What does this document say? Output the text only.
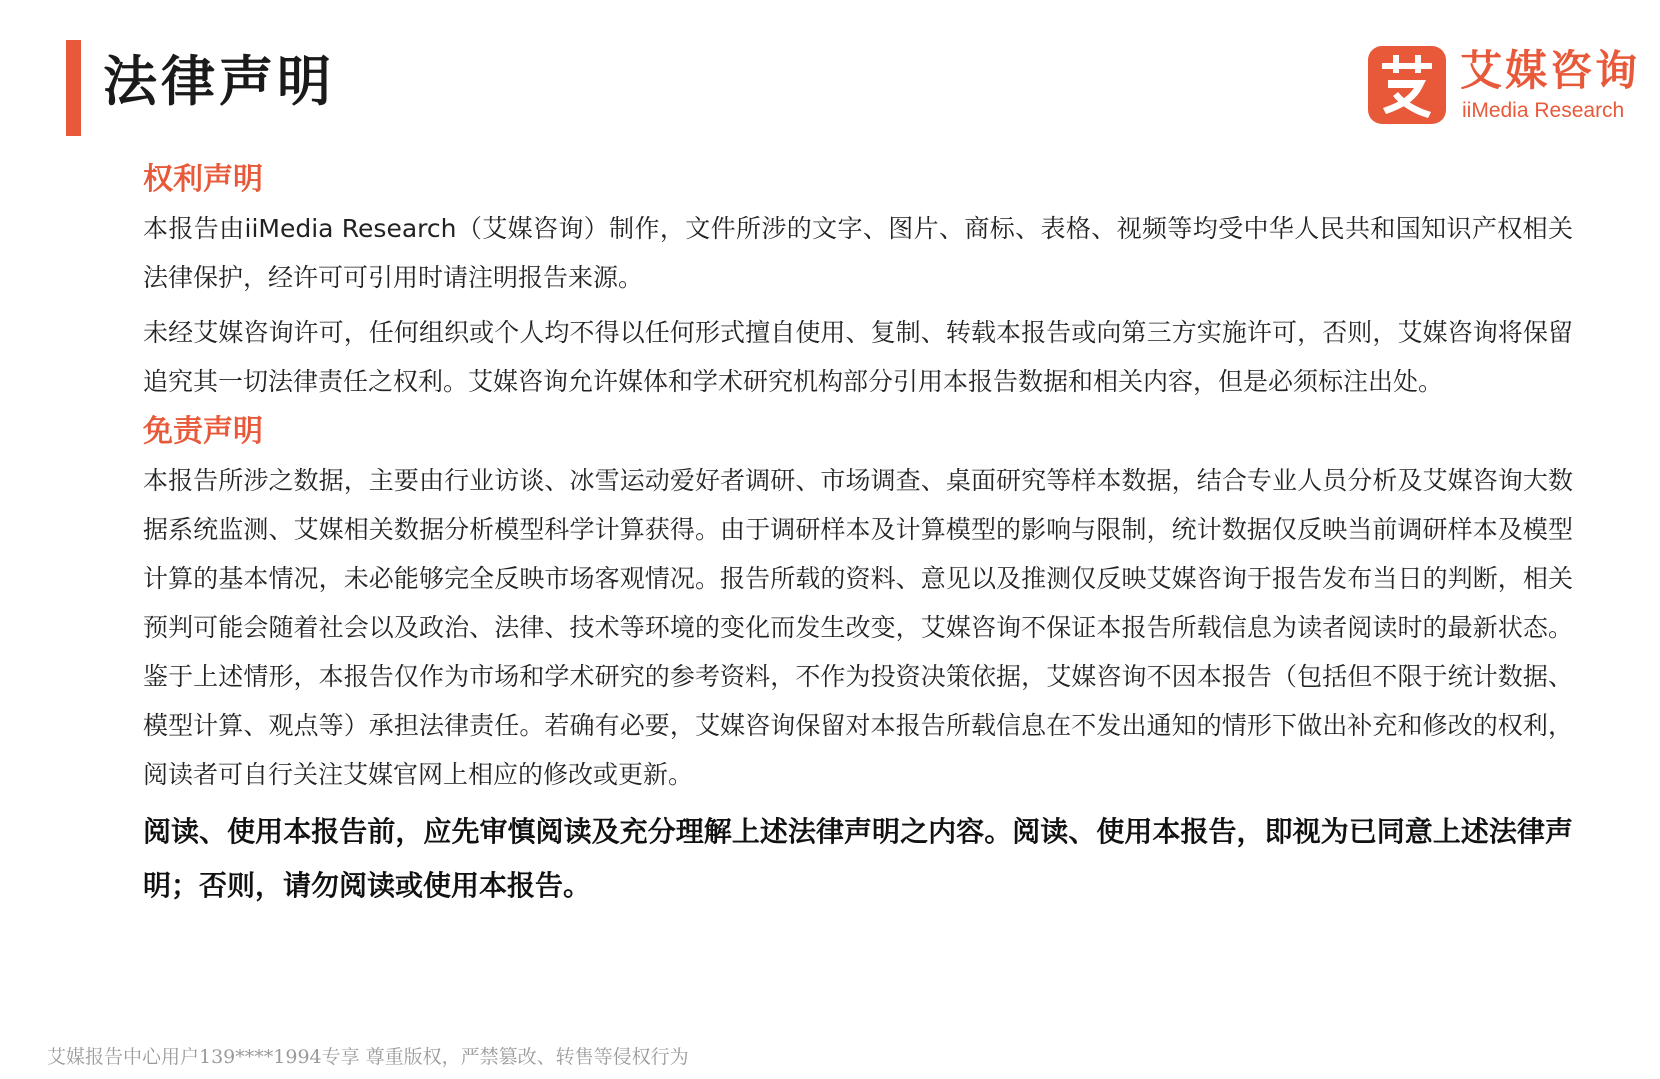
法律声明	艾媒咨询
iiMedia Research
权利声明

本报告由iiMedia Research（艾媒咨询）制作，文件所涉的文字、图片、商标、表格、视频等均受中华人民共和国知识产权相关法律保护，经许可可引用时请注明报告来源。

未经艾媒咨询许可，任何组织或个人均不得以任何形式擅自使用、复制、转载本报告或向第三方实施许可，否则，艾媒咨询将保留追究其一切法律责任之权利。艾媒咨询允许媒体和学术研究机构部分引用本报告数据和相关内容，但是必须标注出处。

免责声明

本报告所涉之数据，主要由行业访谈、冰雪运动爱好者调研、市场调查、桌面研究等样本数据，结合专业人员分析及艾媒咨询大数据系统监测、艾媒相关数据分析模型科学计算获得。由于调研样本及计算模型的影响与限制，统计数据仅反映当前调研样本及模型计算的基本情况，未必能够完全反映市场客观情况。报告所载的资料、意见以及推测仅反映艾媒咨询于报告发布当日的判断，相关预判可能会随着社会以及政治、法律、技术等环境的变化而发生改变，艾媒咨询不保证本报告所载信息为读者阅读时的最新状态。鉴于上述情形，本报告仅作为市场和学术研究的参考资料，不作为投资决策依据，艾媒咨询不因本报告（包括但不限于统计数据、模型计算、观点等）承担法律责任。若确有必要，艾媒咨询保留对本报告所载信息在不发出通知的情形下做出补充和修改的权利，阅读者可自行关注艾媒官网上相应的修改或更新。

阅读、使用本报告前，应先审慎阅读及充分理解上述法律声明之内容。阅读、使用本报告，即视为已同意上述法律声明；否则，请勿阅读或使用本报告。

艾媒报告中心用户139****1994专享 尊重版权，严禁篡改、转售等侵权行为
